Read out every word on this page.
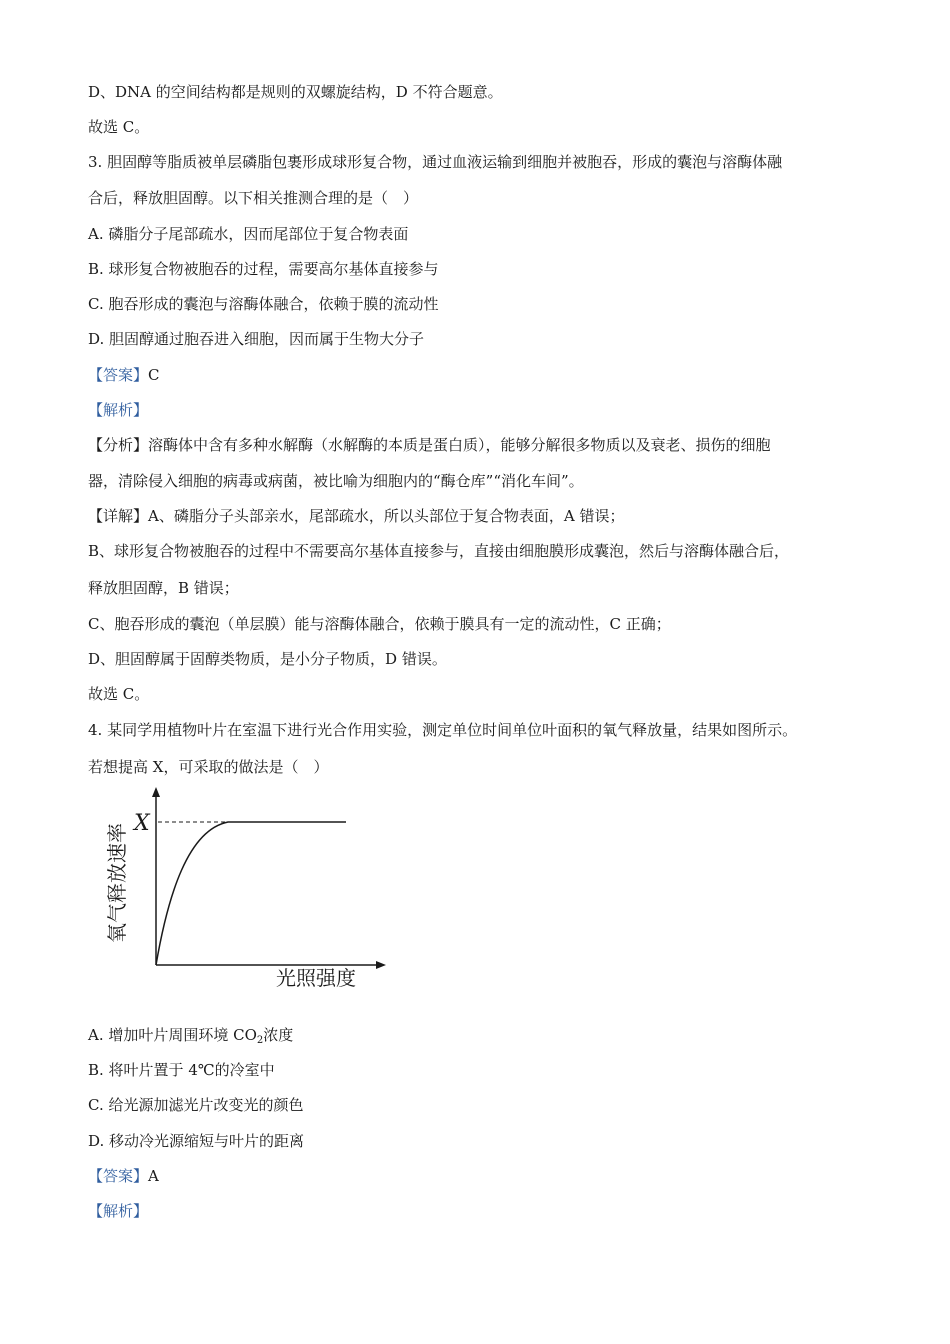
D、DNA 的空间结构都是规则的双螺旋结构，D 不符合题意。
故选 C。
3. 胆固醇等脂质被单层磷脂包裹形成球形复合物，通过血液运输到细胞并被胞吞，形成的囊泡与溶酶体融
合后，释放胆固醇。以下相关推测合理的是（　）
A. 磷脂分子尾部疏水，因而尾部位于复合物表面
B. 球形复合物被胞吞的过程，需要高尔基体直接参与
C. 胞吞形成的囊泡与溶酶体融合，依赖于膜的流动性
D. 胆固醇通过胞吞进入细胞，因而属于生物大分子
【答案】C
【解析】
【分析】溶酶体中含有多种水解酶（水解酶的本质是蛋白质），能够分解很多物质以及衰老、损伤的细胞
器，清除侵入细胞的病毒或病菌，被比喻为细胞内的“酶仓库”“消化车间”。
【详解】A、磷脂分子头部亲水，尾部疏水，所以头部位于复合物表面，A 错误；
B、球形复合物被胞吞的过程中不需要高尔基体直接参与，直接由细胞膜形成囊泡，然后与溶酶体融合后，
释放胆固醇，B 错误；
C、胞吞形成的囊泡（单层膜）能与溶酶体融合，依赖于膜具有一定的流动性，C 正确；
D、胆固醇属于固醇类物质，是小分子物质，D 错误。
故选 C。
4. 某同学用植物叶片在室温下进行光合作用实验，测定单位时间单位叶面积的氧气释放量，结果如图所示。
若想提高 X，可采取的做法是（　）
X
光照强度
氧气释放速率
A. 增加叶片周围环境 $CO_2$浓度
B. 将叶片置于 4℃的冷室中
C. 给光源加滤光片改变光的颜色
D. 移动冷光源缩短与叶片的距离
【答案】A
【解析】
